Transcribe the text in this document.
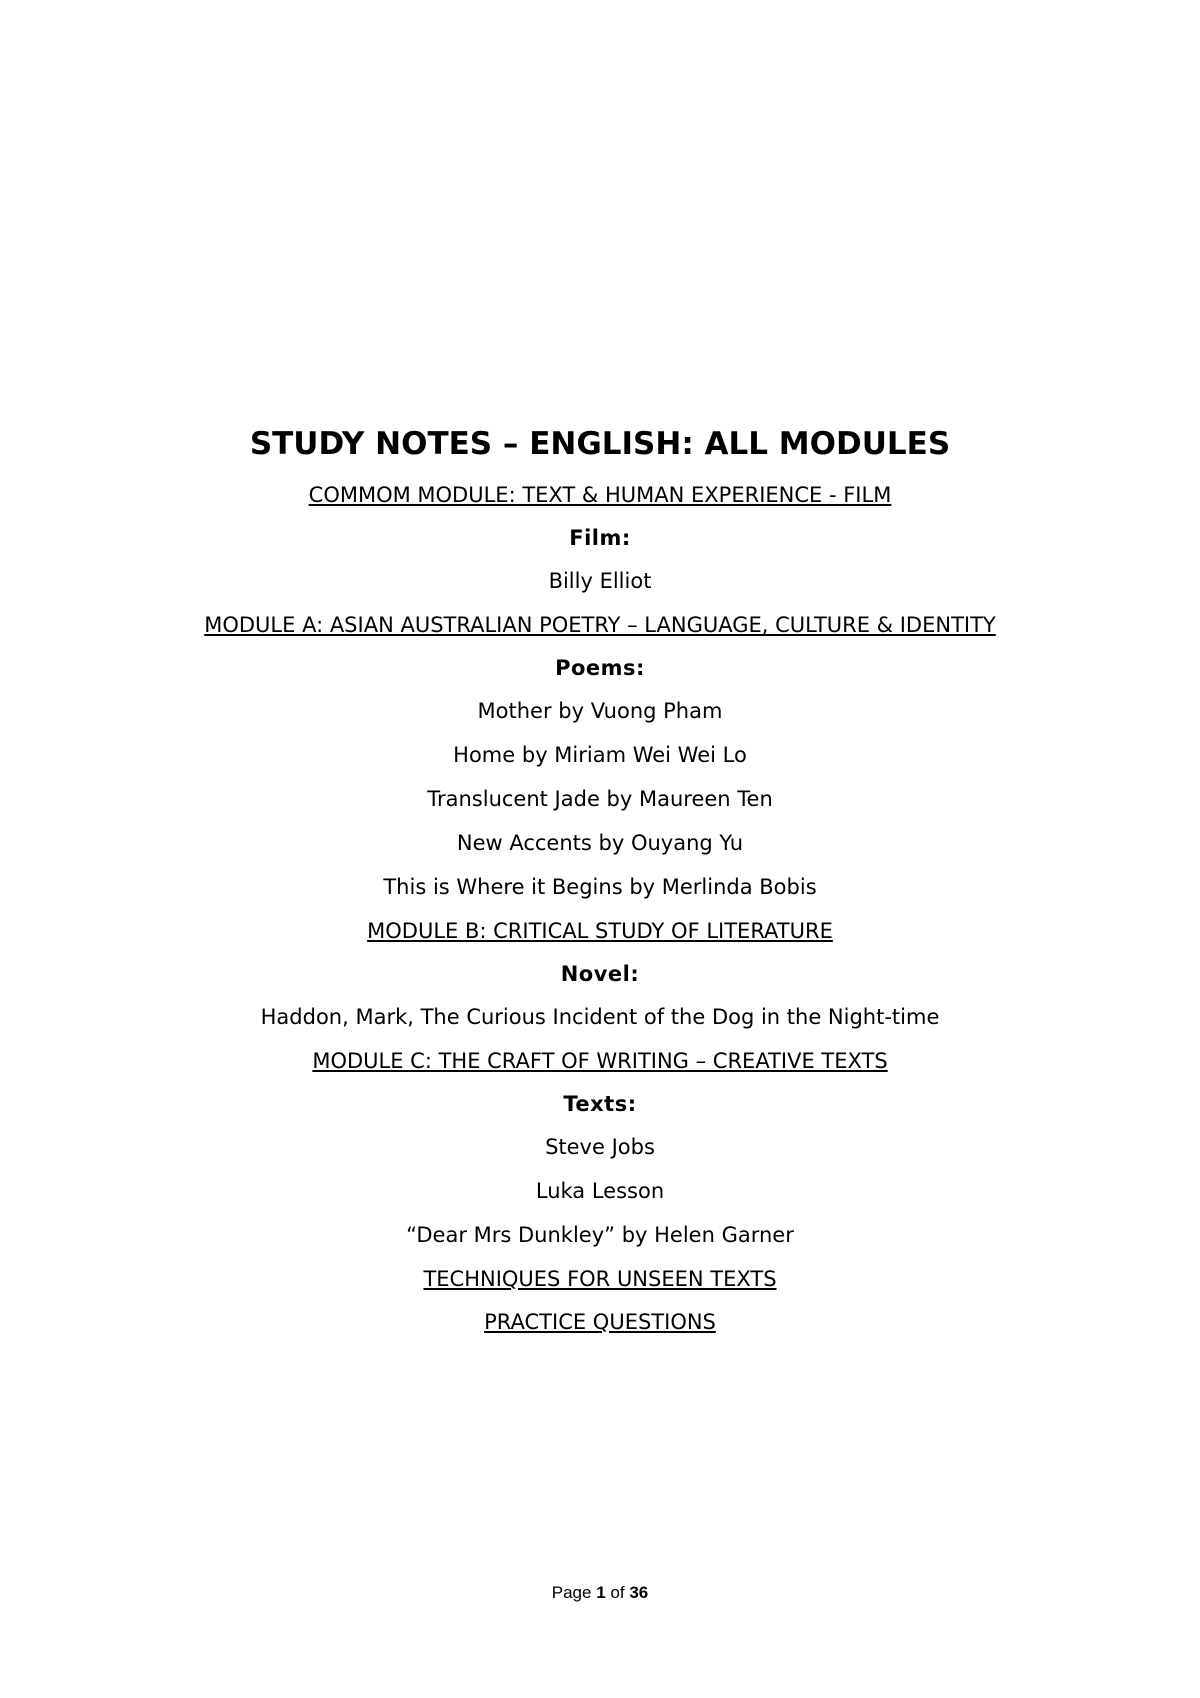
STUDY NOTES – ENGLISH: ALL MODULES
COMMOM MODULE: TEXT & HUMAN EXPERIENCE - FILM
Film:
Billy Elliot
MODULE A: ASIAN AUSTRALIAN POETRY – LANGUAGE, CULTURE & IDENTITY
Poems:
Mother by Vuong Pham
Home by Miriam Wei Wei Lo
Translucent Jade by Maureen Ten
New Accents by Ouyang Yu
This is Where it Begins by Merlinda Bobis
MODULE B: CRITICAL STUDY OF LITERATURE
Novel:
Haddon, Mark, The Curious Incident of the Dog in the Night-time
MODULE C: THE CRAFT OF WRITING – CREATIVE TEXTS
Texts:
Steve Jobs
Luka Lesson
“Dear Mrs Dunkley” by Helen Garner
TECHNIQUES FOR UNSEEN TEXTS
PRACTICE QUESTIONS
Page 1 of 36
